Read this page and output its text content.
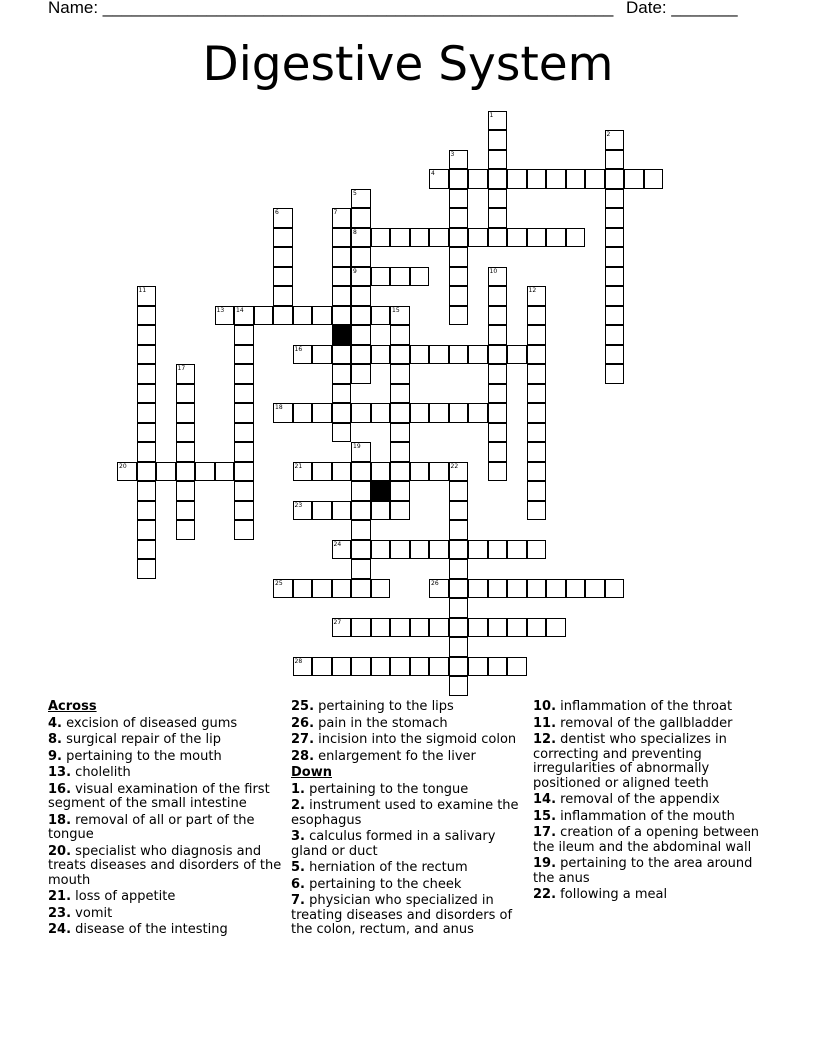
Name: ______________________________________________________ Date: _______
Digestive System
1
2
3
4
5
8
9
6	7
10
11	12
13 14	15
16
17
18
19
20	21	22
23
24
25	26
27
28
Across
4. excision of diseased gums
8. surgical repair of the lip
9. pertaining to the mouth
13. cholelith
16. visual examination of the first segment of the small intestine
18. removal of all or part of the tongue
20. specialist who diagnosis and treats diseases and disorders of the mouth
21. loss of appetite
23. vomit
24. disease of the intesting
25. pertaining to the lips
26. pain in the stomach
27. incision into the sigmoid colon
28. enlargement fo the liver
Down
1. pertaining to the tongue
2. instrument used to examine the esophagus
3. calculus formed in a salivary gland or duct
5. herniation of the rectum
6. pertaining to the cheek
7. physician who specialized in treating diseases and disorders of the colon, rectum, and anus
10. inflammation of the throat
11. removal of the gallbladder
12. dentist who specializes in correcting and preventing irregularities of abnormally positioned or aligned teeth
14. removal of the appendix
15. inflammation of the mouth
17. creation of a opening between the ileum and the abdominal wall
19. pertaining to the area around the anus
22. following a meal
